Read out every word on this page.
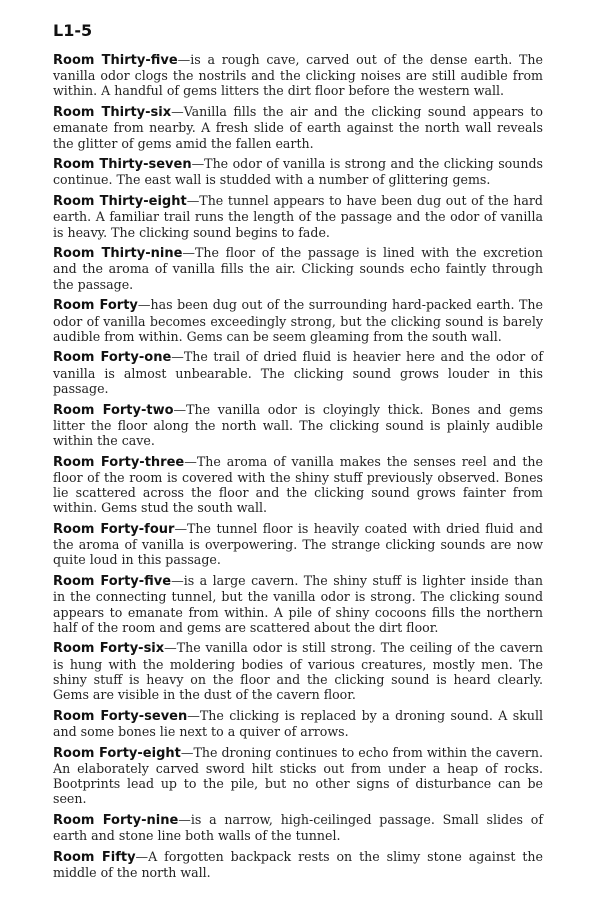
L1-5

Room Thirty-five—is a rough cave, carved out of the dense earth. The vanilla odor clogs the nostrils and the clicking noises are still audible from within. A handful of gems litters the dirt floor before the western wall.

Room Thirty-six—Vanilla fills the air and the clicking sound appears to emanate from nearby. A fresh slide of earth against the north wall reveals the glitter of gems amid the fallen earth.

Room Thirty-seven—The odor of vanilla is strong and the clicking sounds continue. The east wall is studded with a number of glittering gems.

Room Thirty-eight—The tunnel appears to have been dug out of the hard earth. A familiar trail runs the length of the passage and the odor of vanilla is heavy. The clicking sound begins to fade.

Room Thirty-nine—The floor of the passage is lined with the excretion and the aroma of vanilla fills the air. Clicking sounds echo faintly through the passage.

Room Forty—has been dug out of the surrounding hard-packed earth. The odor of vanilla becomes exceedingly strong, but the clicking sound is barely audible from within. Gems can be seem gleaming from the south wall.

Room Forty-one—The trail of dried fluid is heavier here and the odor of vanilla is almost unbearable. The clicking sound grows louder in this passage.

Room Forty-two—The vanilla odor is cloyingly thick. Bones and gems litter the floor along the north wall. The clicking sound is plainly audible within the cave.

Room Forty-three—The aroma of vanilla makes the senses reel and the floor of the room is covered with the shiny stuff previously observed. Bones lie scattered across the floor and the clicking sound grows fainter from within. Gems stud the south wall.

Room Forty-four—The tunnel floor is heavily coated with dried fluid and the aroma of vanilla is overpowering. The strange clicking sounds are now quite loud in this passage.

Room Forty-five—is a large cavern. The shiny stuff is lighter inside than in the connecting tunnel, but the vanilla odor is strong. The clicking sound appears to emanate from within. A pile of shiny cocoons fills the northern half of the room and gems are scattered about the dirt floor.

Room Forty-six—The vanilla odor is still strong. The ceiling of the cavern is hung with the moldering bodies of various creatures, mostly men. The shiny stuff is heavy on the floor and the clicking sound is heard clearly. Gems are visible in the dust of the cavern floor.

Room Forty-seven—The clicking is replaced by a droning sound. A skull and some bones lie next to a quiver of arrows.

Room Forty-eight—The droning continues to echo from within the cavern. An elaborately carved sword hilt sticks out from under a heap of rocks. Bootprints lead up to the pile, but no other signs of disturbance can be seen.

Room Forty-nine—is a narrow, high-ceilinged passage. Small slides of earth and stone line both walls of the tunnel.

Room Fifty—A forgotten backpack rests on the slimy stone against the middle of the north wall.
